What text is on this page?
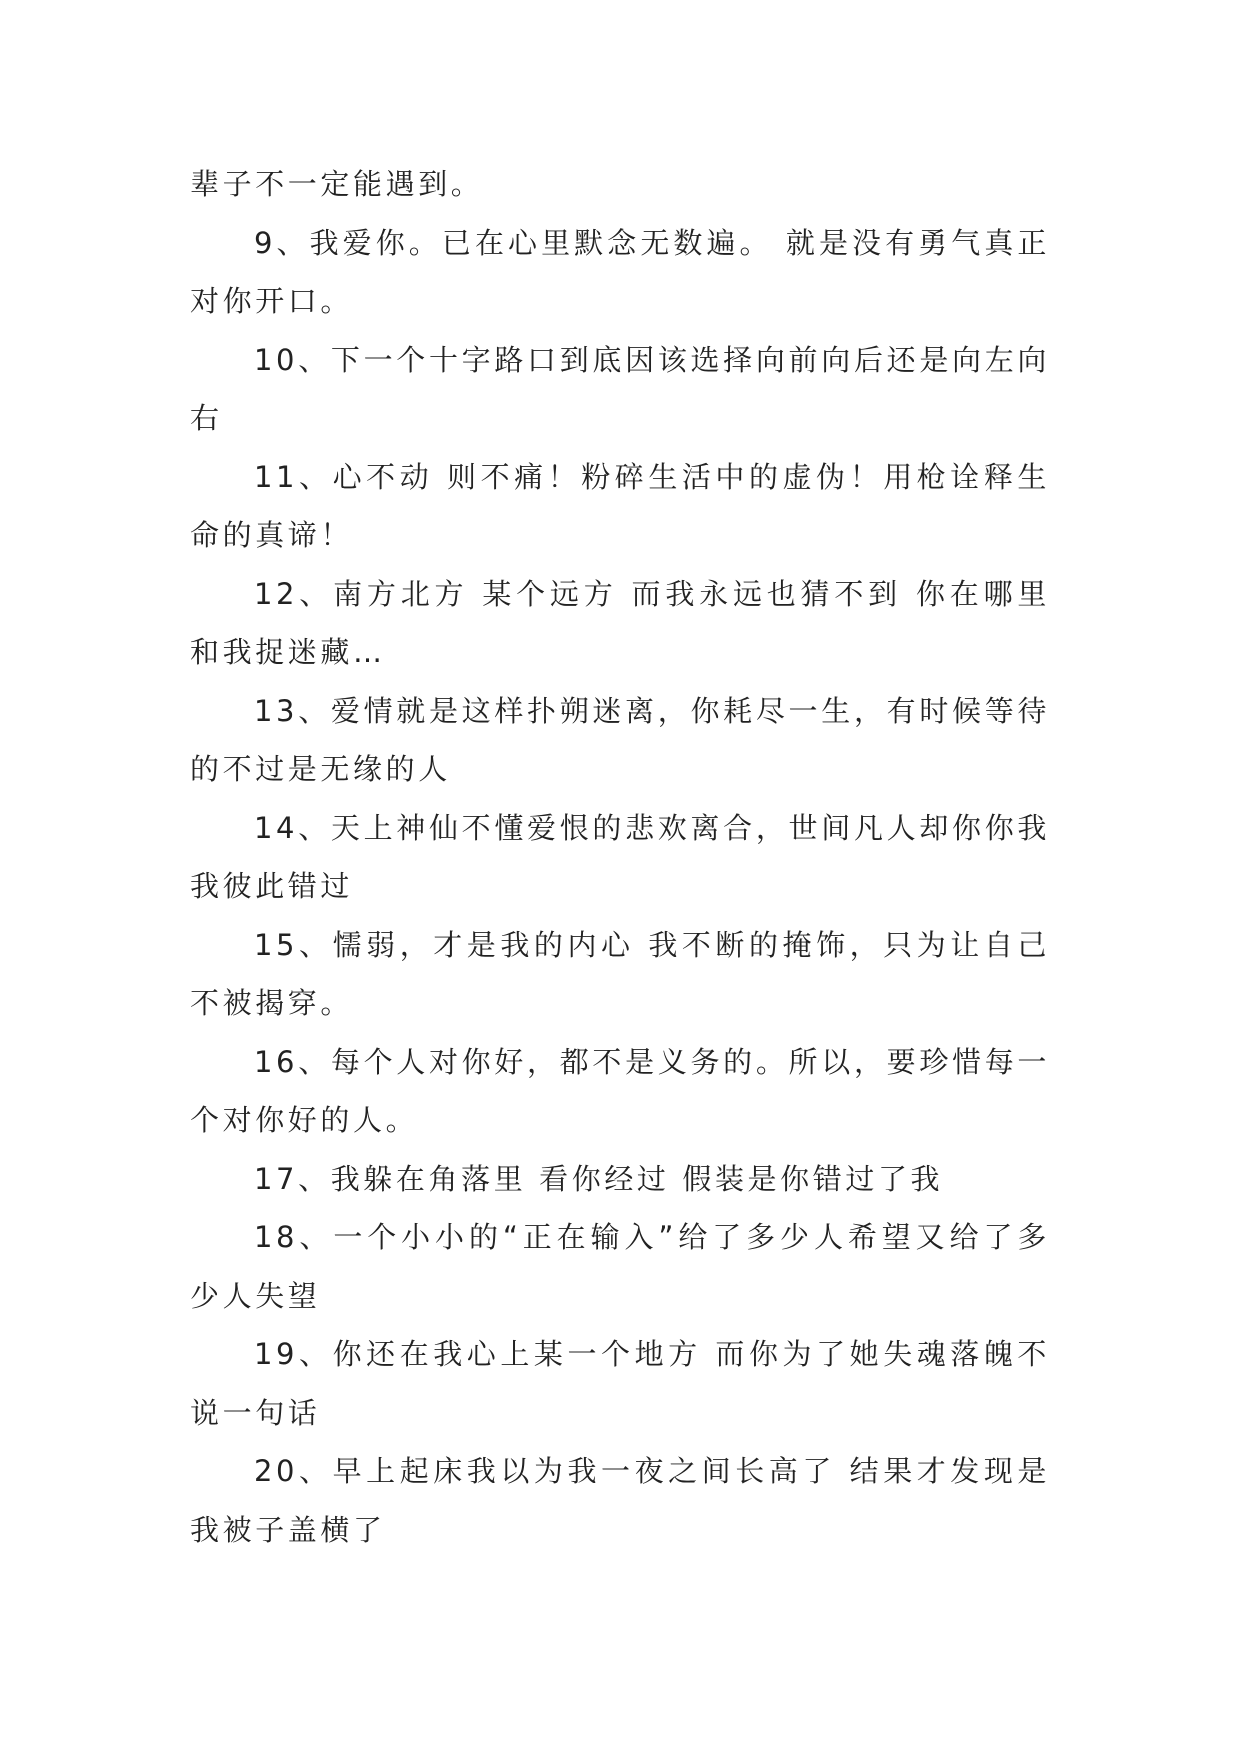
辈子不一定能遇到。

9、我爱你。已在心里默念无数遍。 就是没有勇气真正对你开口。

10、下一个十字路口到底因该选择向前向后还是向左向右

11、心不动 则不痛！粉碎生活中的虚伪！用枪诠释生命的真谛！

12、南方北方 某个远方 而我永远也猜不到 你在哪里和我捉迷藏…

13、爱情就是这样扑朔迷离，你耗尽一生，有时候等待的不过是无缘的人

14、天上神仙不懂爱恨的悲欢离合，世间凡人却你你我我彼此错过

15、懦弱，才是我的内心 我不断的掩饰，只为让自己不被揭穿。

16、每个人对你好，都不是义务的。所以，要珍惜每一个对你好的人。

17、我躲在角落里 看你经过 假装是你错过了我

18、一个小小的“正在输入”给了多少人希望又给了多少人失望

19、你还在我心上某一个地方 而你为了她失魂落魄不说一句话

20、早上起床我以为我一夜之间长高了 结果才发现是我被子盖横了
